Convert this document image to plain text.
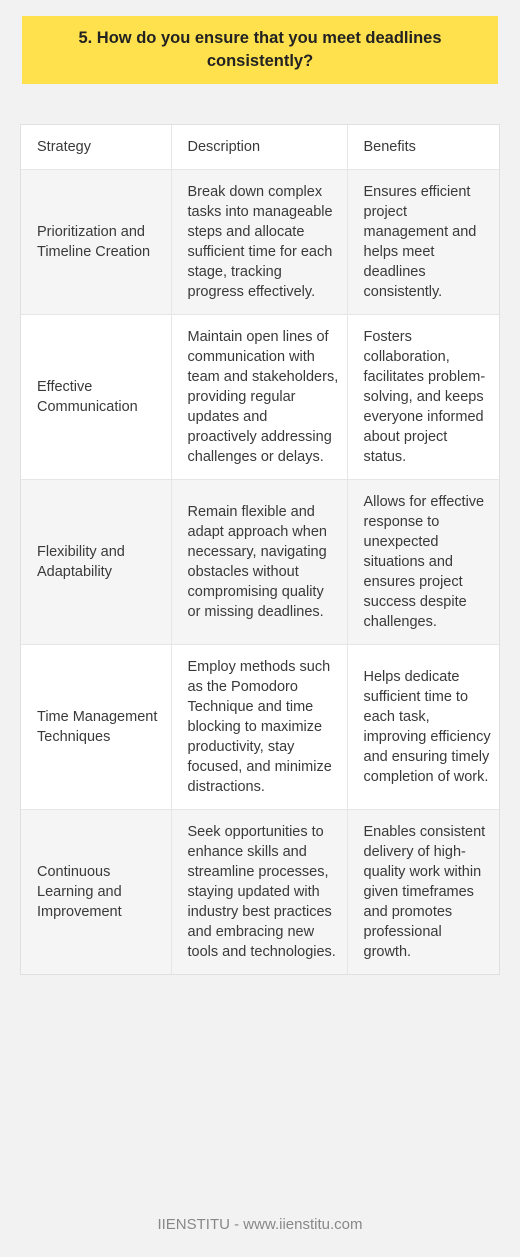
5. How do you ensure that you meet deadlines consistently?
Strategy	Description	Benefits
Prioritization and Timeline Creation	Break down complex tasks into manageable steps and allocate sufficient time for each stage, tracking progress effectively.	Ensures efficient project management and helps meet deadlines consistently.
Effective Communication	Maintain open lines of communication with team and stakeholders, providing regular updates and proactively addressing challenges or delays.	Fosters collaboration, facilitates problem-solving, and keeps everyone informed about project status.
Flexibility and Adaptability	Remain flexible and adapt approach when necessary, navigating obstacles without compromising quality or missing deadlines.	Allows for effective response to unexpected situations and ensures project success despite challenges.
Time Management Techniques	Employ methods such as the Pomodoro Technique and time blocking to maximize productivity, stay focused, and minimize distractions.	Helps dedicate sufficient time to each task, improving efficiency and ensuring timely completion of work.
Continuous Learning and Improvement	Seek opportunities to enhance skills and streamline processes, staying updated with industry best practices and embracing new tools and technologies.	Enables consistent delivery of high-quality work within given timeframes and promotes professional growth.
IIENSTITU - www.iienstitu.com
